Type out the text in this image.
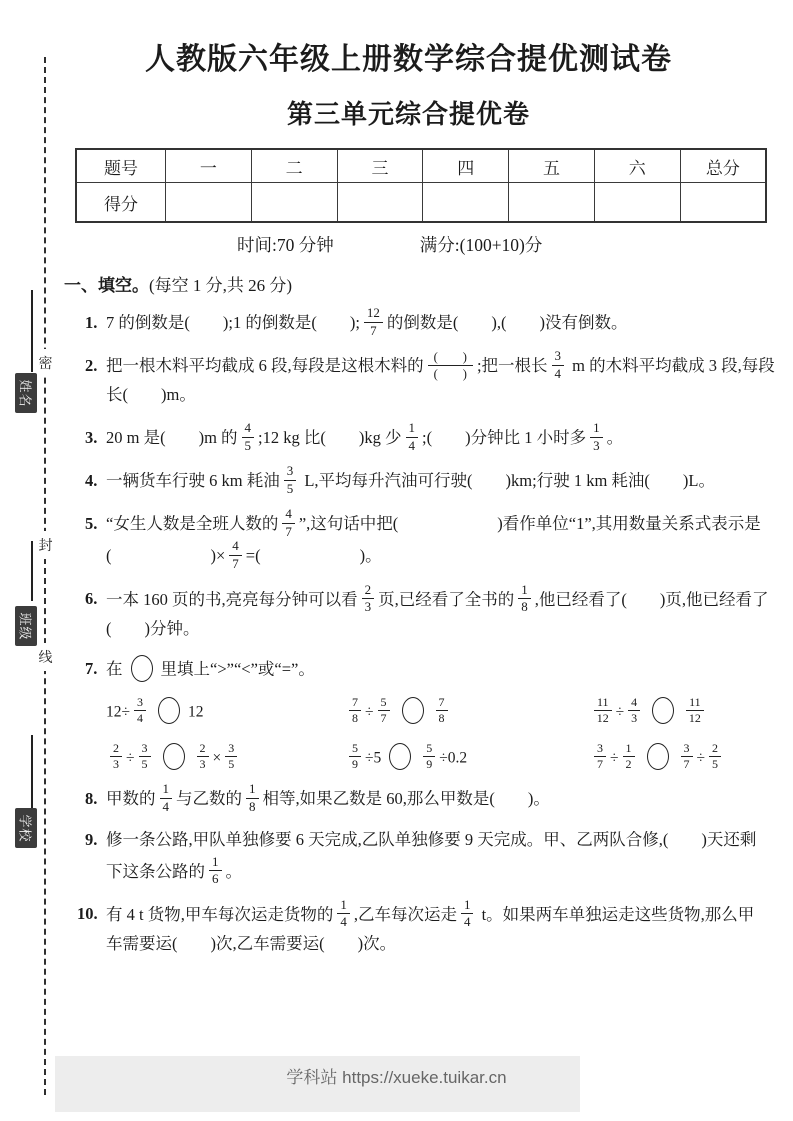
密
封
线
姓名
班级
学校
人教版六年级上册数学综合提优测试卷
第三单元综合提优卷
题号	一	二	三	四	五	六	总分
得分							
时间:70 分钟	满分:(100+10)分
一、填空。(每空 1 分,共 26 分)
1. 7 的倒数是(　　);1 的倒数是(　　); $\frac{12}{7}$ 的倒数是(　　),(　　)没有倒数。
2. 把一根木料平均截成 6 段,每段是这根木料的 (　　)
(　　) ;把一根长 $\frac{3}{4}$ m 的木料平均截成 3 段,每段
长(　　)m。
3. 20 m 是(　　)m 的 $\frac{4}{5}$ ;12 kg 比(　　)kg 少 $\frac{1}{4}$ ;(　　)分钟比 1 小时多 $\frac{1}{3}$ 。
4. 一辆货车行驶 6 km 耗油 $\frac{3}{5} L$,平均每升汽油可行驶(　　)km;行驶 1 km 耗油(　　)L。
5. “女生人数是全班人数的 $\frac{4}{7}$ ”,这句话中把(　　　　　　)看作单位“1”,其用数量关系式表示是
(　　　　　　)× $\frac{4}{7}$ =(　　　　　　)。
6. 一本 160 页的书,亮亮每分钟可以看 $\frac{2}{3}$ 页,已经看了全书的 $\frac{1}{8}$ ,他已经看了(　　)页,他已经看了
(　　)分钟。
7. 在 里填上“>”“<”或“=”。
$12\div \frac{3}{4}$	12	$\frac{7}{8} \div \frac{5}{7}$	$\frac{7}{8}$	$\frac{11}{12} \div \frac{4}{3}$	$\frac{11}{12}$
$\frac{2}{3} \div \frac{3}{5}$	$\frac{2}{3} \times \frac{3}{5}$	$\frac{5}{9} \div 5$	$\frac{5}{9} \div 0.2$	$\frac{3}{7} \div \frac{1}{2}$	$\frac{3}{7} \div \frac{2}{5}$
8. 甲数的 $\frac{1}{4}$ 与乙数的 $\frac{1}{8}$ 相等,如果乙数是 60,那么甲数是(　　)。
9. 修一条公路,甲队单独修要 6 天完成,乙队单独修要 9 天完成。甲、乙两队合修,(　　)天还剩
下这条公路的 $\frac{1}{6}$ 。
10. 有 4 t 货物,甲车每次运走货物的 $\frac{1}{4}$ ,乙车每次运走 $\frac{1}{4}$ t。如果两车单独运走这些货物,那么甲
车需要运(　　)次,乙车需要运(　　)次。
学科站 https://xueke.tuikar.cn
